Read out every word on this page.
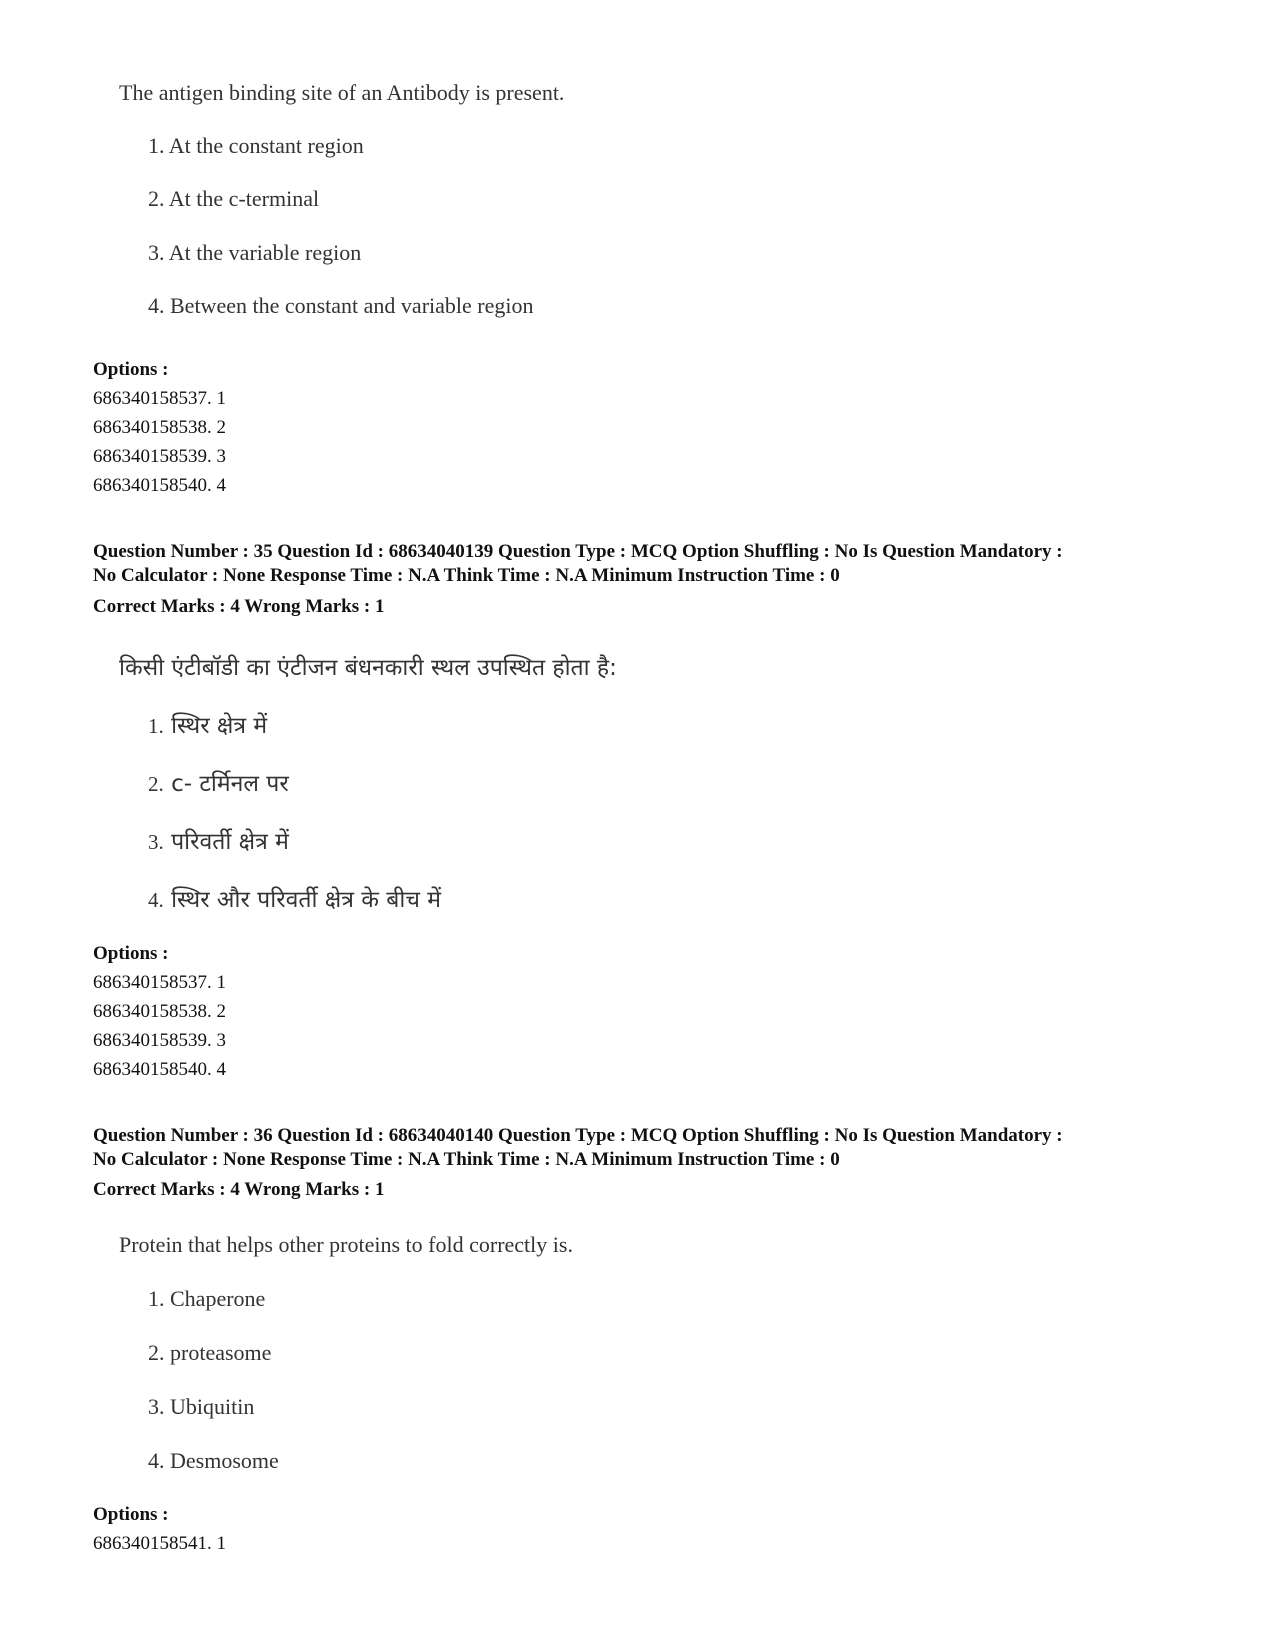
The antigen binding site of an Antibody is present.
1. At the constant region
2. At the c-terminal
3. At the variable region
4. Between the constant and variable region
Options :
686340158537. 1
686340158538. 2
686340158539. 3
686340158540. 4
Question Number : 35 Question Id : 68634040139 Question Type : MCQ Option Shuffling : No Is Question Mandatory :
No Calculator : None Response Time : N.A Think Time : N.A Minimum Instruction Time : 0
Correct Marks : 4 Wrong Marks : 1
किसी एंटीबॉडी का एंटीजन बंधनकारी स्थल उपस्थित होता है:
1. स्थिर क्षेत्र में
2. c- टर्मिनल पर
3. परिवर्ती क्षेत्र में
4. स्थिर और परिवर्ती क्षेत्र के बीच में
Options :
686340158537. 1
686340158538. 2
686340158539. 3
686340158540. 4
Question Number : 36 Question Id : 68634040140 Question Type : MCQ Option Shuffling : No Is Question Mandatory :
No Calculator : None Response Time : N.A Think Time : N.A Minimum Instruction Time : 0
Correct Marks : 4 Wrong Marks : 1
Protein that helps other proteins to fold correctly is.
1. Chaperone
2. proteasome
3. Ubiquitin
4. Desmosome
Options :
686340158541. 1
